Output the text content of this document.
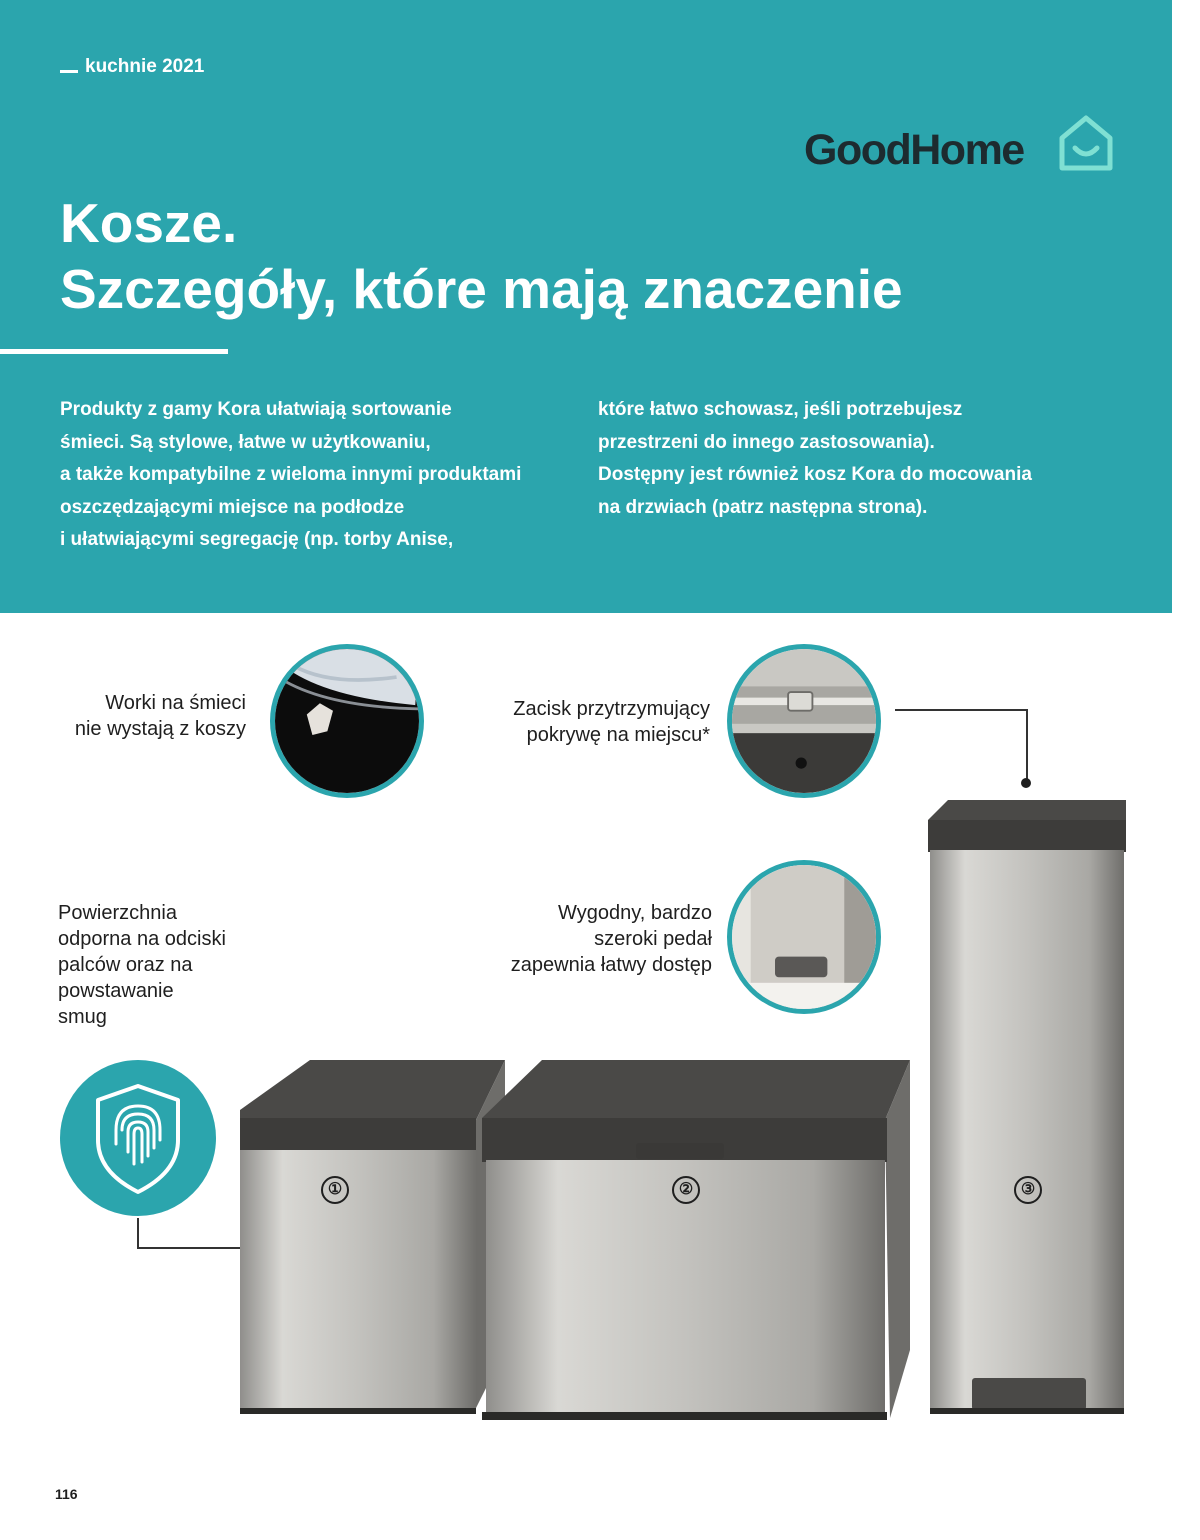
kuchnie 2021
GoodHome
Kosze.
Szczegóły, które mają znaczenie
Produkty z gamy Kora ułatwiają sortowanie
śmieci. Są stylowe, łatwe w użytkowaniu,
a także kompatybilne z wieloma innymi produktami
oszczędzającymi miejsce na podłodze
i ułatwiającymi segregację (np. torby Anise,
które łatwo schowasz, jeśli potrzebujesz
przestrzeni do innego zastosowania).
Dostępny jest również kosz Kora do mocowania
na drzwiach (patrz następna strona).
Worki na śmieci
nie wystają z koszy
Zacisk przytrzymujący
pokrywę na miejscu*
Powierzchnia
odporna na odciski
palców oraz na
powstawanie
smug
Wygodny, bardzo
szeroki pedał
zapewnia łatwy dostęp
①	②	③
116
